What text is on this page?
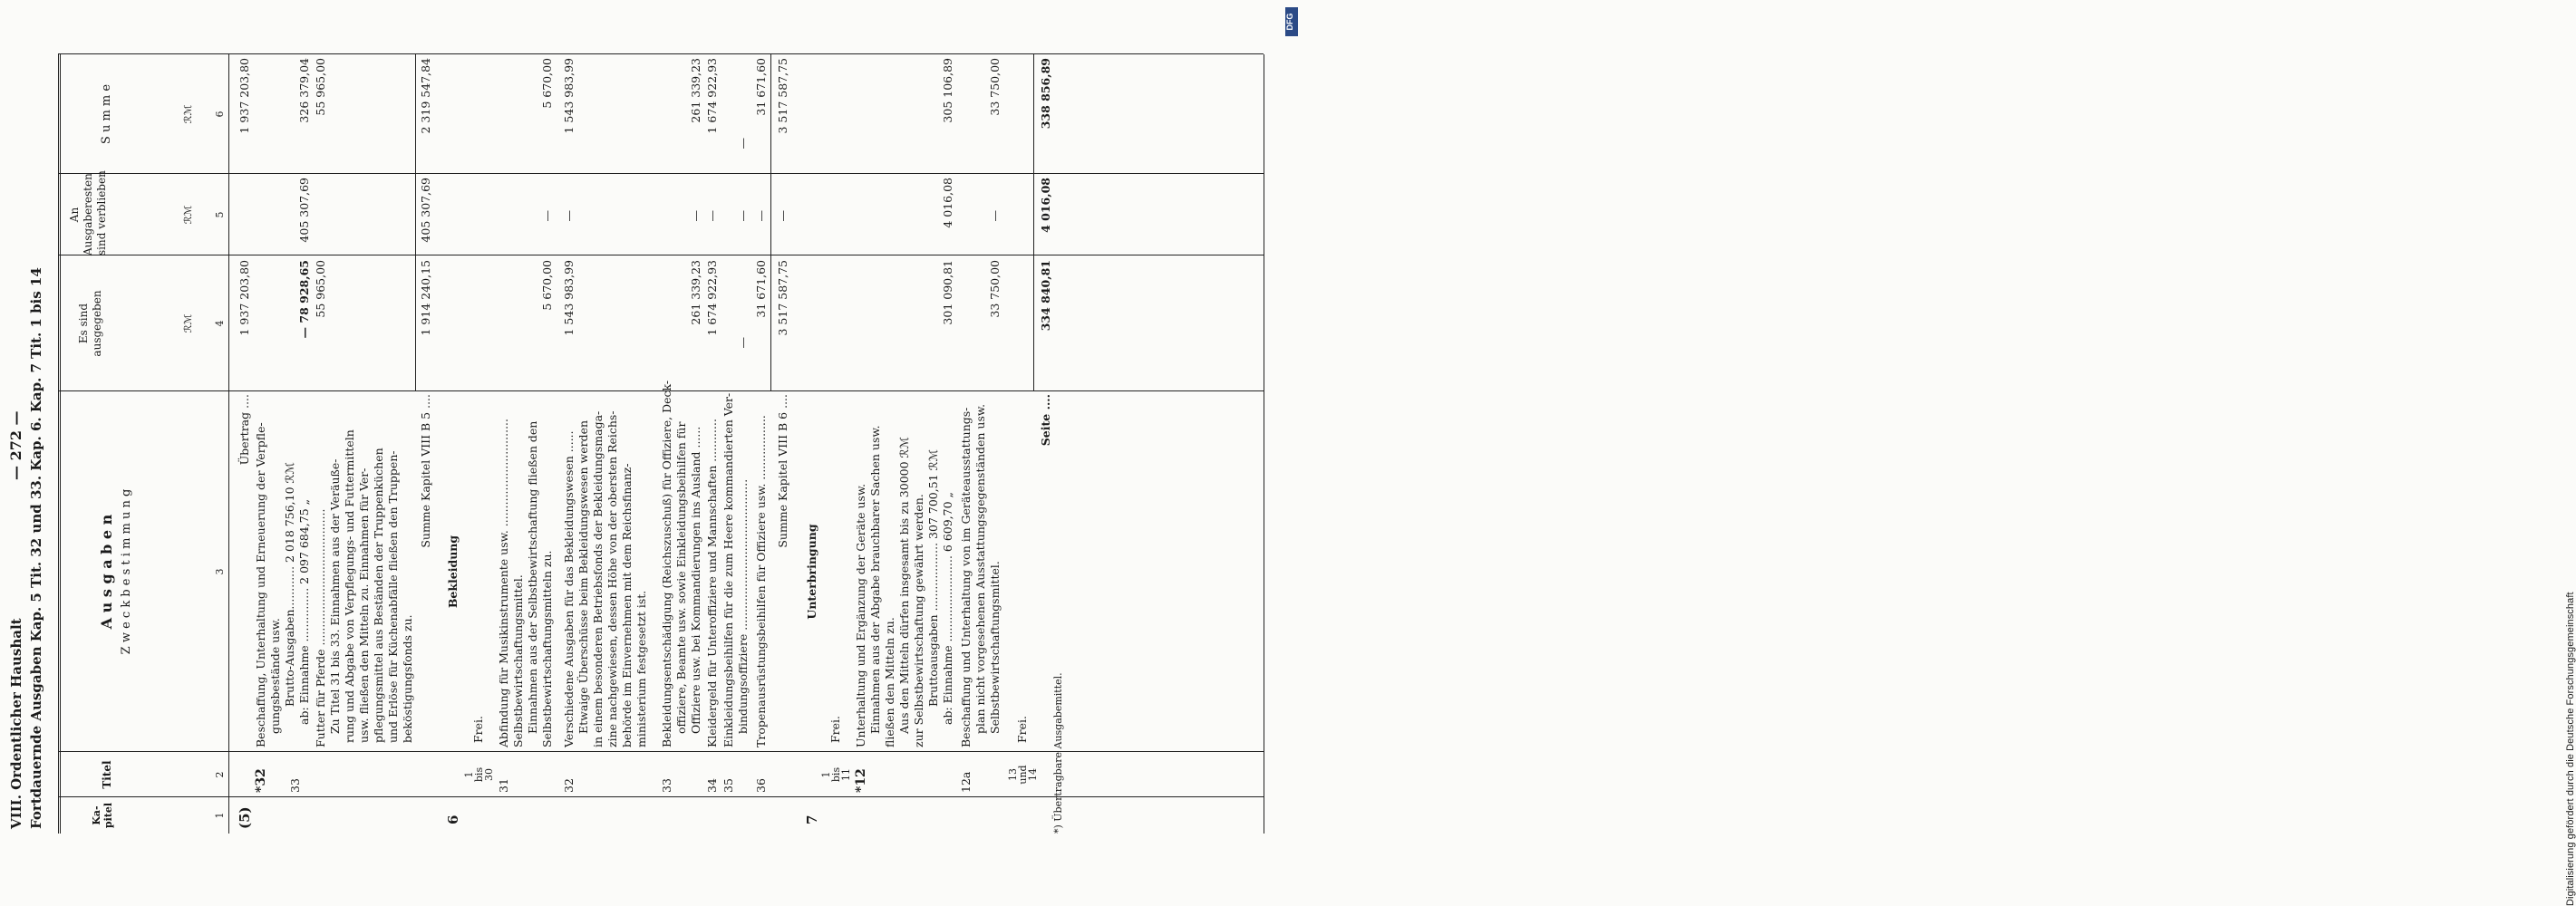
Digitalisierung gefördert durch die Deutsche Forschungsgemeinschaft
DFG
VIII. Ordentlicher Haushalt Fortdauernde Ausgaben Kap. 5 Tit. 32 und 33. Kap. 6. Kap. 7 Tit. 1 bis 14
— 272 —
Ka-
pitel
Titel
A u s g a b e n Z w e c k b e s t i m m u n g
Es sind
ausgegeben
An
Ausgaberesten
sind verblieben
S u m m e
ℛℳ
ℛℳ
ℛℳ
1
2
3
4
5
6
(5)
Übertrag ....
1 937 203,80
1 937 203,80
*32
Beschaffung, Unterhaltung und Erneuerung der Verpfle- gungsbestände usw.
33
Brutto-Ausgaben............ 2 018 756,10 ℛℳ ab: Einnahme ............... 2 097 684,75 „
— 78 928,65
405 307,69
326 379,04
Futter für Pferde ......................................
55 965,00
55 965,00
Zu Titel 31 bis 33. Einnahmen aus der Veräuße- rung und Abgabe von Verpflegungs- und Futtermitteln usw. fließen den Mitteln zu. Einnahmen für Ver- pflegungsmittel aus Beständen der Truppenküchen und Erlöse für Küchenabfälle fließen den Truppen- beköstigungsfonds zu.
Summe Kapitel VIII B 5 ....
1 914 240,15
405 307,69
2 319 547,84
6
Bekleidung
1
bis
30
Frei.
31
Abfindung für Musikinstrumente usw. .............................. Selbstbewirtschaftungsmittel. Einnahmen aus der Selbstbewirtschaftung fließen den Selbstbewirtschaftungsmitteln zu.
5 670,00
—
5 670,00
32
Verschiedene Ausgaben für das Bekleidungswesen ...... Etwaige Überschüsse beim Bekleidungswesen werden in einem besonderen Betriebsfonds der Bekleidungsmaga- zine nachgewiesen, dessen Höhe von der obersten Reichs- behörde im Einvernehmen mit dem Reichsfinanz- ministerium festgesetzt ist.
1 543 983,99
—
1 543 983,99
33
Bekleidungsentschädigung (Reichszuschuß) für Offiziere, Deck- offiziere, Beamte usw. sowie Einkleidungsbeihilfen für Offiziere usw. bei Kommandierungen ins Ausland ......
261 339,23
—
261 339,23
34
Kleidergeld für Unteroffiziere und Mannschaften ............
1 674 922,93
—
1 674 922,93
35
Einkleidungsbeihilfen für die zum Heere kommandierten Ver- bindungsoffiziere ..........................................
—
—
—
36
Tropenausrüstungsbeihilfen für Offiziere usw. ..................
31 671,60
—
31 671,60
Summe Kapitel VIII B 6 ....
3 517 587,75
—
3 517 587,75
7
Unterbringung
1
bis
11
Frei.
*12
Unterhaltung und Ergänzung der Geräte usw. Einnahmen aus der Abgabe brauchbarer Sachen usw. fließen den Mitteln zu. Aus den Mitteln dürfen insgesamt bis zu 30000 ℛℳ zur Selbstbewirtschaftung gewährt werden. Bruttoausgaben ................... 307 700,51 ℛℳ ab: Einnahme ........................ 6 609,70 „
301 090,81
4 016,08
305 106,89
12a
Beschaffung und Unterhaltung von im Geräteausstattungs- plan nicht vorgesehenen Ausstattungsgegenständen usw. Selbstbewirtschaftungsmittel.
33 750,00
—
33 750,00
13
und
14
Frei.
Seite ....
334 840,81
4 016,08
338 856,89
*) Übertragbare Ausgabemittel.
